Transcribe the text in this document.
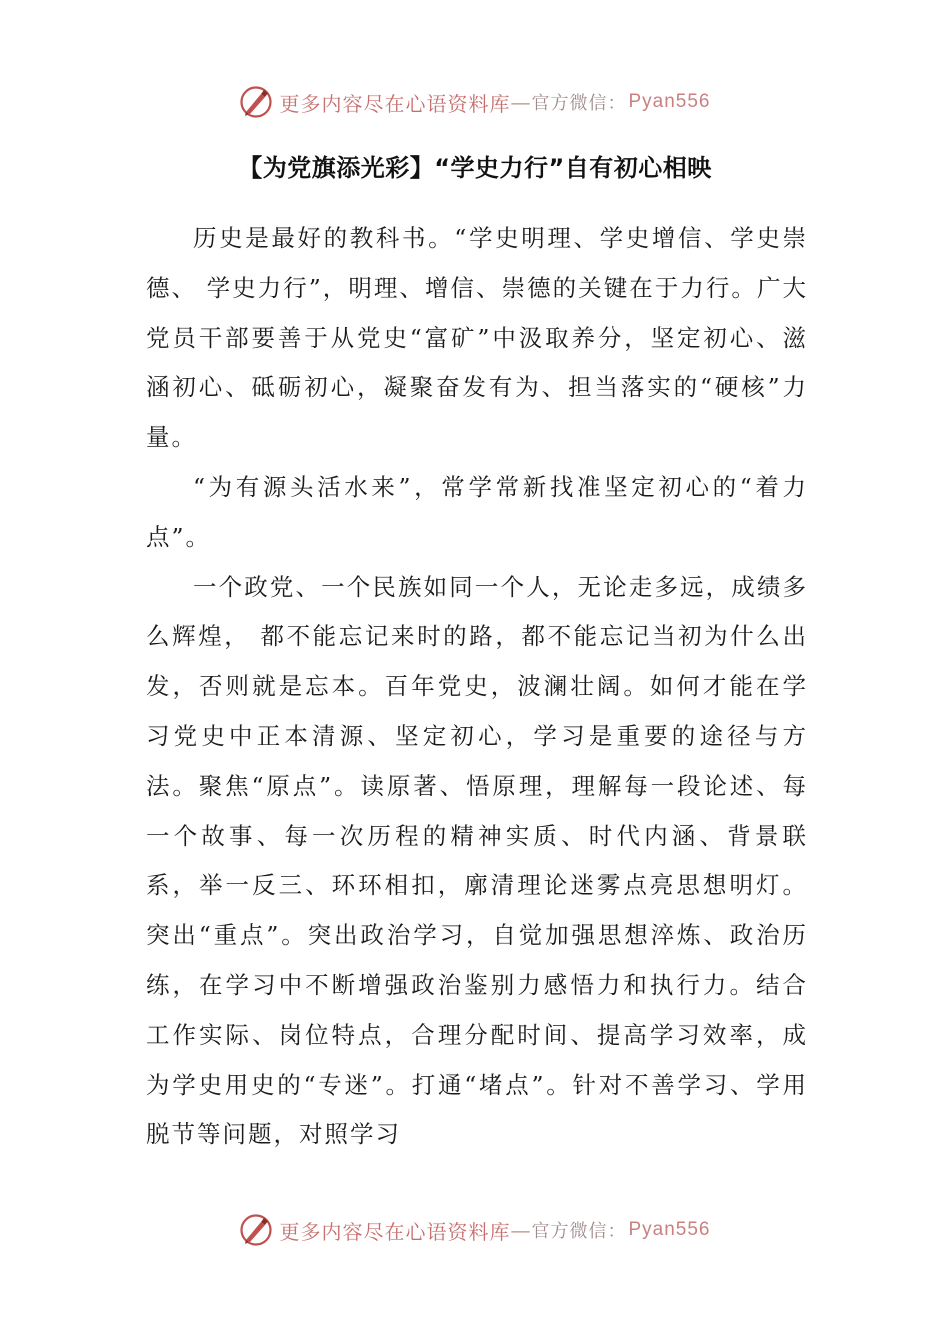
更多内容尽在心语资料库 — 官方微信： Pyan556
【为党旗添光彩】“学史力行”自有初心相映

历史是最好的教科书。“学史明理、学史增信、学史崇德、 学史力行”，明理、增信、崇德的关键在于力行。广大党员干部要善于从党史“富矿”中汲取养分，坚定初心、滋涵初心、砥砺初心，凝聚奋发有为、担当落实的“硬核”力量。

“为有源头活水来”，常学常新找准坚定初心的“着力点”。

一个政党、一个民族如同一个人，无论走多远，成绩多么辉煌， 都不能忘记来时的路，都不能忘记当初为什么出发，否则就是忘本。百年党史，波澜壮阔。如何才能在学习党史中正本清源、坚定初心，学习是重要的途径与方法。聚焦“原点”。读原著、悟原理，理解每一段论述、每一个故事、每一次历程的精神实质、时代内涵、背景联系，举一反三、环环相扣，廓清理论迷雾点亮思想明灯。突出“重点”。突出政治学习，自觉加强思想淬炼、政治历练，在学习中不断增强政治鉴别力感悟力和执行力。结合工作实际、岗位特点，合理分配时间、提高学习效率，成为学史用史的“专迷”。打通“堵点”。针对不善学习、学用脱节等问题，对照学习

更多内容尽在心语资料库 — 官方微信： Pyan556
